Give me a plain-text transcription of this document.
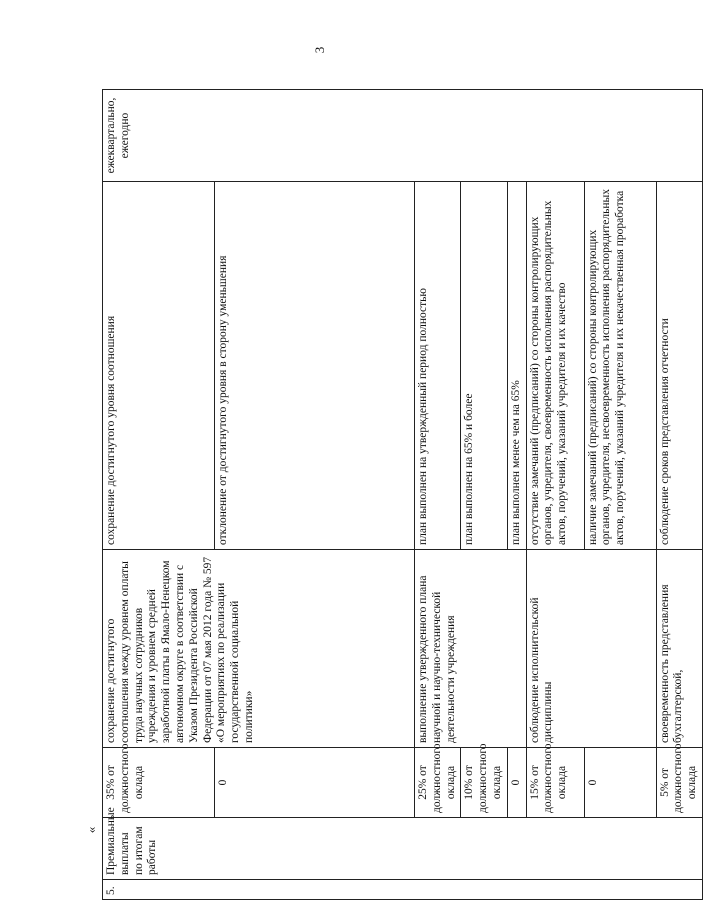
3
«
5.	Премиальные выплаты по итогам работы	35% от должностного оклада	сохранение достигнутого соотношения между уровнем оплаты труда научных сотрудников учреждения и уровнем средней заработной платы в Ямало-Ненецком автономном округе в соответствии с Указом Президента Российской Федерации от 07 мая 2012 года № 597 «О мероприятиях по реализации государственной социальной политики»	сохранение достигнутого уровня соотношения	ежеквартально, ежегодно
		0		отклонение от достигнутого уровня в сторону уменьшения	
		25% от должностного оклада	выполнение утвержденного плана научной и научно-технической деятельности учреждения	план выполнен на утвержденный период полностью	
		10% от должностного оклада		план выполнен на 65% и более	
		0		план выполнен менее чем на 65%	
		15% от должностного оклада	соблюдение исполнительской дисциплины	отсутствие замечаний (предписаний) со стороны контролирующих органов, учредителя, своевременность исполнения распорядительных актов, поручений, указаний учредителя и их качество	
		0		наличие замечаний (предписаний) со стороны контролирующих органов, учредителя, несвоевременность исполнения распорядительных актов, поручений, указаний учредителя и их некачественная проработка	
		5% от должностного оклада	своевременность представления бухгалтерской,	соблюдение сроков представления отчетности	
